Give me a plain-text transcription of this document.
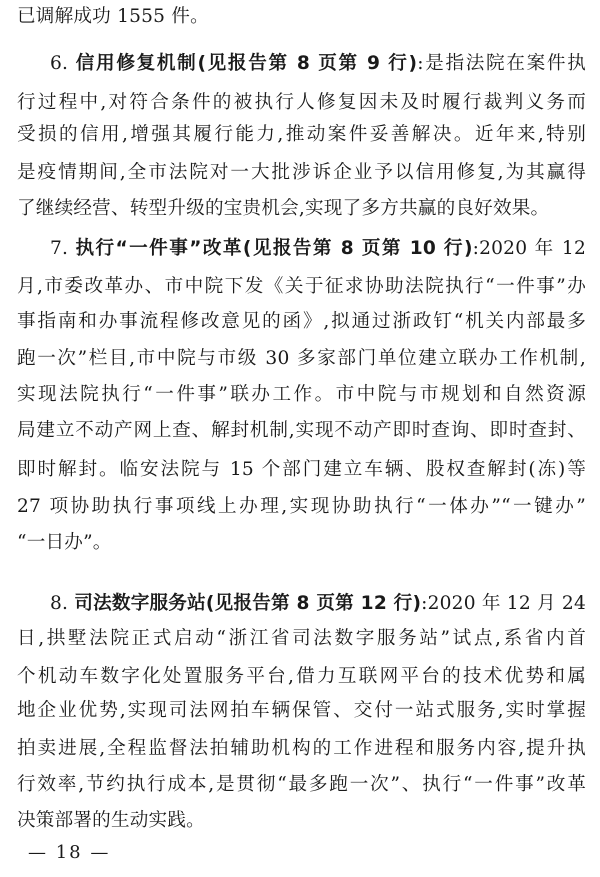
已调解成功 1555 件。
6. 信用修复机制(见报告第 8 页第 9 行):是指法院在案件执
行过程中,对符合条件的被执行人修复因未及时履行裁判义务而
受损的信用,增强其履行能力,推动案件妥善解决。近年来,特别
是疫情期间,全市法院对一大批涉诉企业予以信用修复,为其赢得
了继续经营、转型升级的宝贵机会,实现了多方共赢的良好效果。
7. 执行“一件事”改革(见报告第 8 页第 10 行):2020 年 12
月,市委改革办、市中院下发《关于征求协助法院执行“一件事”办
事指南和办事流程修改意见的函》,拟通过浙政钉“机关内部最多
跑一次”栏目,市中院与市级 30 多家部门单位建立联办工作机制,
实现法院执行“一件事”联办工作。市中院与市规划和自然资源
局建立不动产网上查、解封机制,实现不动产即时查询、即时查封、
即时解封。临安法院与 15 个部门建立车辆、股权查解封(冻)等
27 项协助执行事项线上办理,实现协助执行“一体办”“一键办”
“一日办”。
8. 司法数字服务站(见报告第 8 页第 12 行):2020 年 12 月 24
日,拱墅法院正式启动“浙江省司法数字服务站”试点,系省内首
个机动车数字化处置服务平台,借力互联网平台的技术优势和属
地企业优势,实现司法网拍车辆保管、交付一站式服务,实时掌握
拍卖进展,全程监督法拍辅助机构的工作进程和服务内容,提升执
行效率,节约执行成本,是贯彻“最多跑一次”、执行“一件事”改革
决策部署的生动实践。
— 18 —
